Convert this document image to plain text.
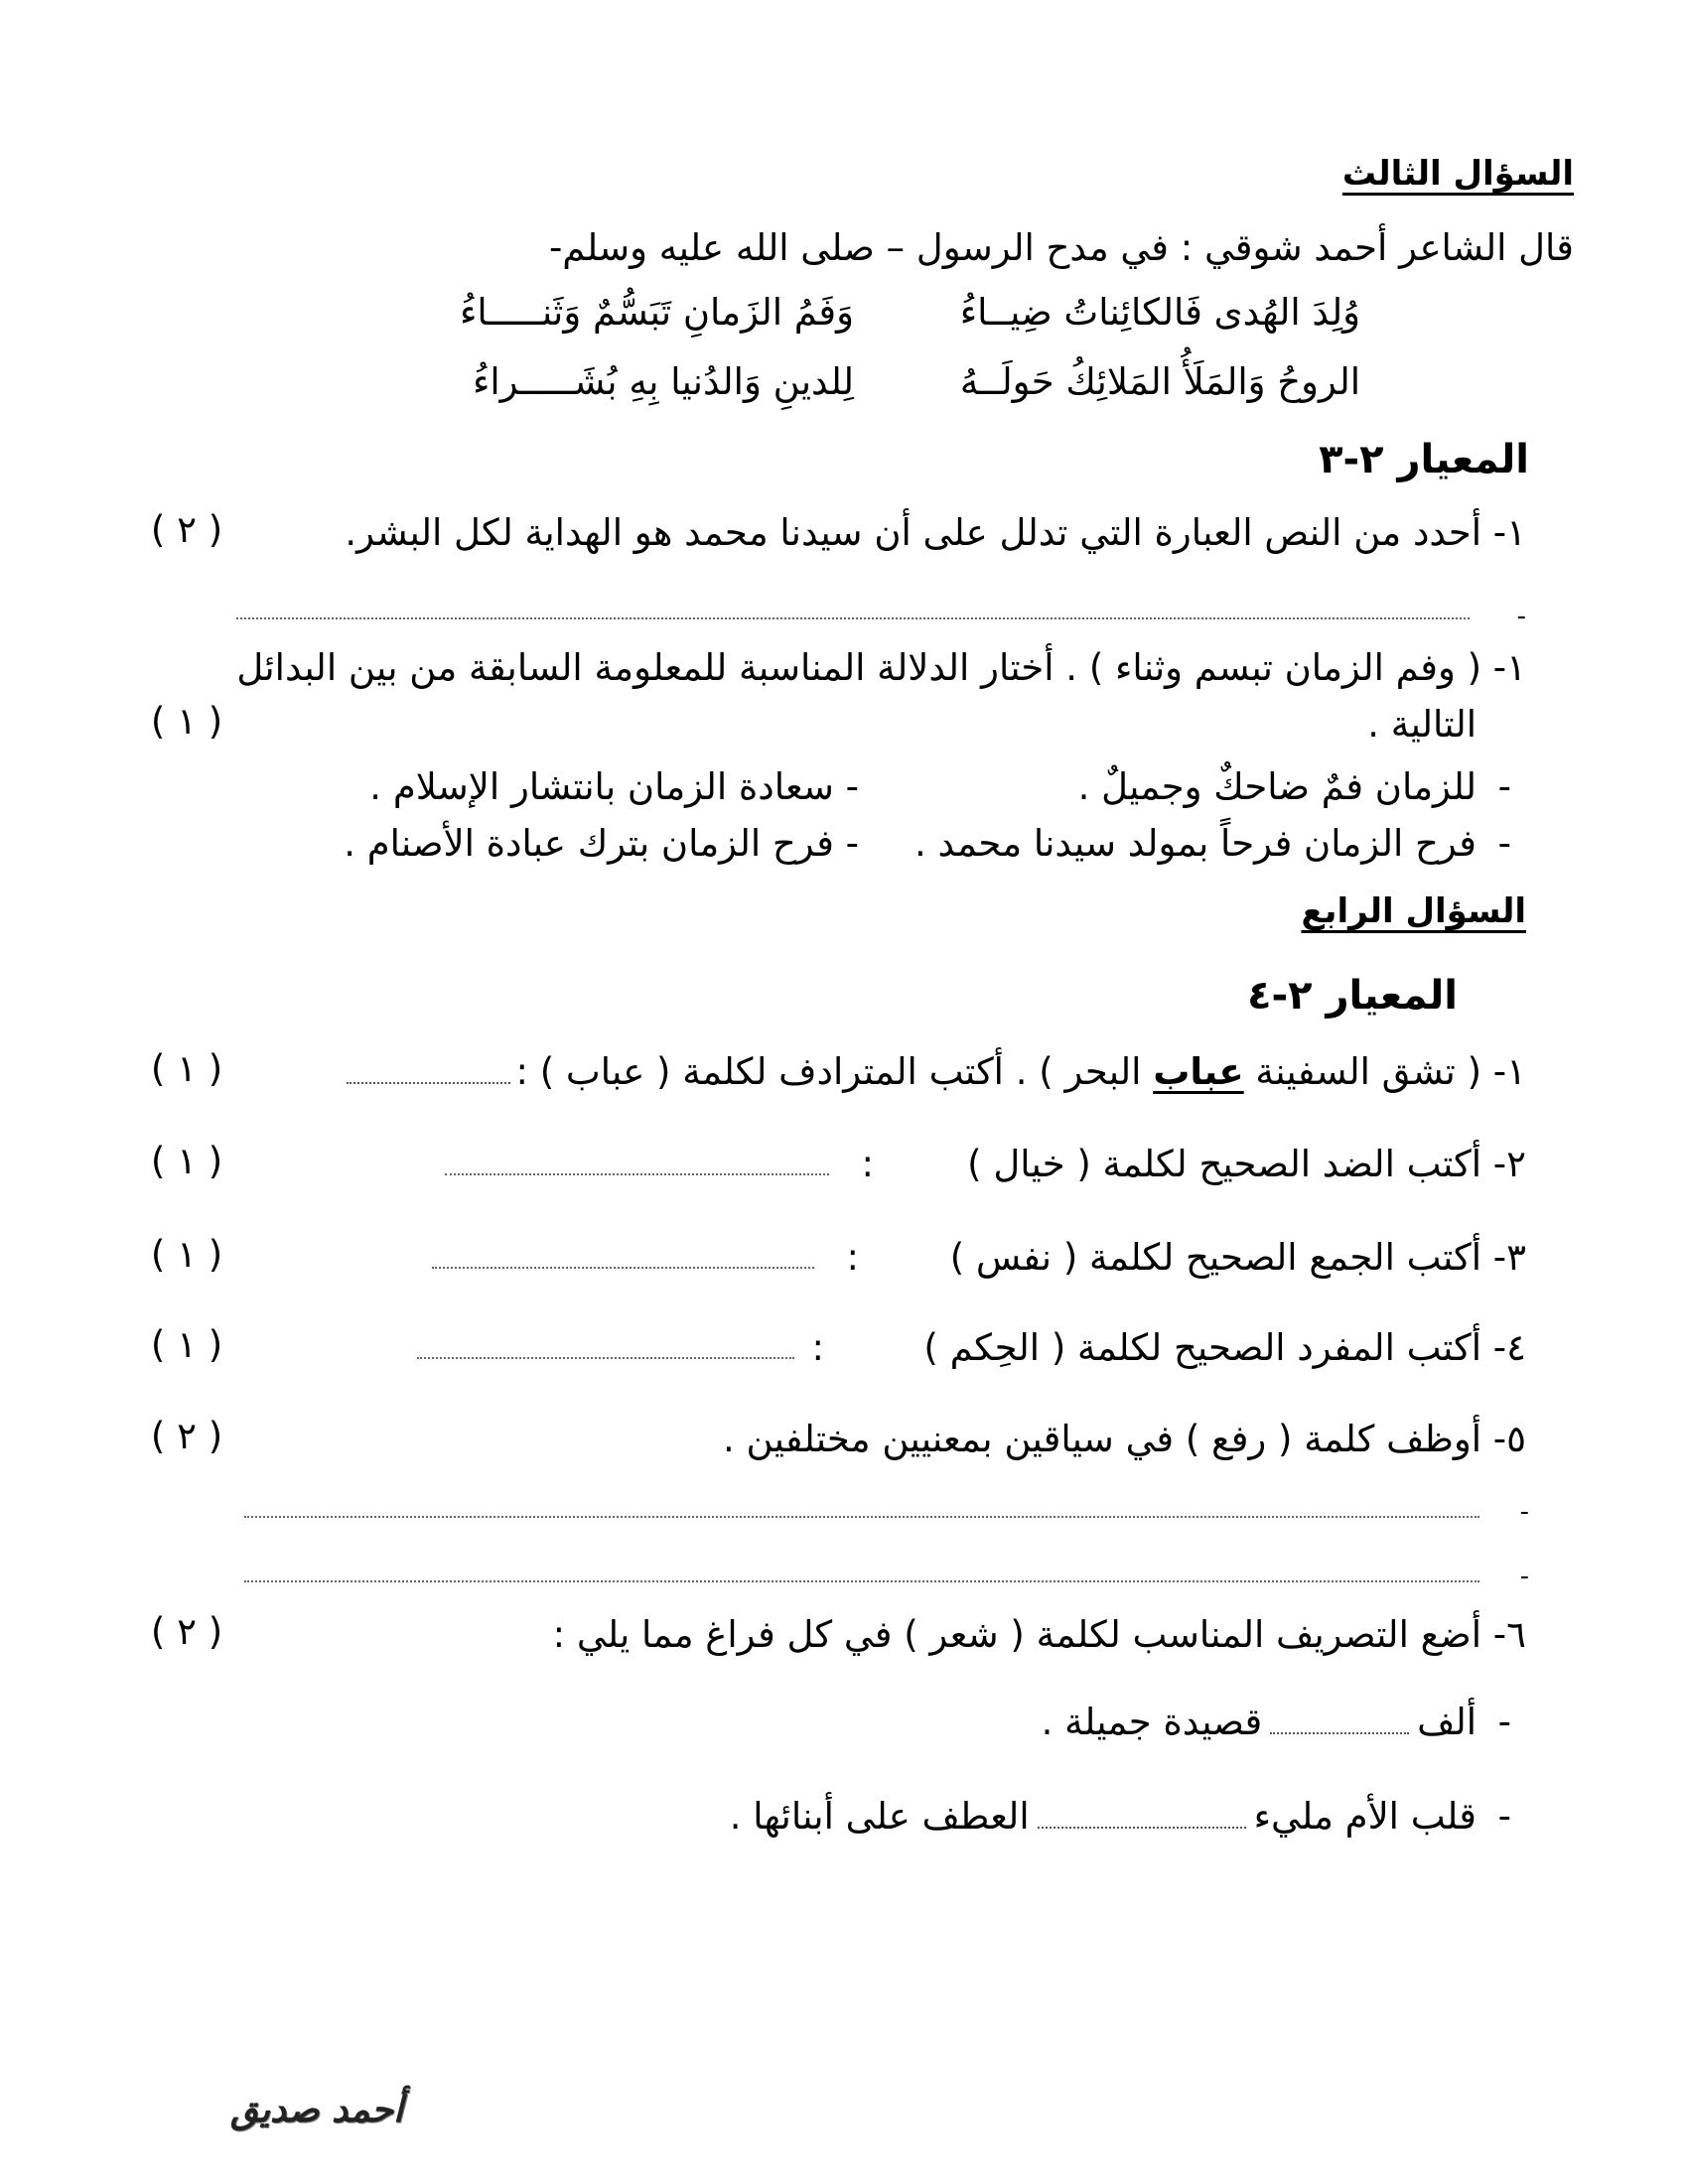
السؤال الثالث
قال الشاعر أحمد شوقي : في مدح الرسول – صلى الله عليه وسلم-
وُلِدَ الهُدى فَالكائِناتُ ضِيــاءُ
وَفَمُ الزَمانِ تَبَسُّمٌ وَثَنـــــاءُ
الروحُ وَالمَلَأُ المَلائِكُ حَولَــهُ
لِلدينِ وَالدُنيا بِهِ بُشَـــــراءُ
المعيار ٢-٣
١- أحدد من النص العبارة التي تدلل على أن سيدنا محمد هو الهداية لكل البشر.
( ٢ )
-
١- ( وفم الزمان تبسم وثناء ) . أختار الدلالة المناسبة للمعلومة السابقة من بين البدائل
التالية .
( ١ )
-
للزمان فمٌ ضاحكٌ وجميلٌ .
- سعادة الزمان بانتشار الإسلام .
-
فرح الزمان فرحاً بمولد سيدنا محمد .
- فرح الزمان بترك عبادة الأصنام .
السؤال الرابع
المعيار ٢-٤
١- ( تشق السفينة عباب البحر ) . أكتب المترادف لكلمة ( عباب ) :
( ١ )
٢- أكتب الضد الصحيح لكلمة ( خيال )
:
( ١ )
٣- أكتب الجمع الصحيح لكلمة ( نفس )
:
( ١ )
٤- أكتب المفرد الصحيح لكلمة ( الحِكم )
:
( ١ )
٥- أوظف كلمة ( رفع ) في سياقين بمعنيين مختلفين .
( ٢ )
-
-
٦- أضع التصريف المناسب لكلمة ( شعر ) في كل فراغ مما يلي :
( ٢ )
-
ألفقصيدة جميلة .
-
قلب الأم مليءالعطف على أبنائها .
أحمد صديق
